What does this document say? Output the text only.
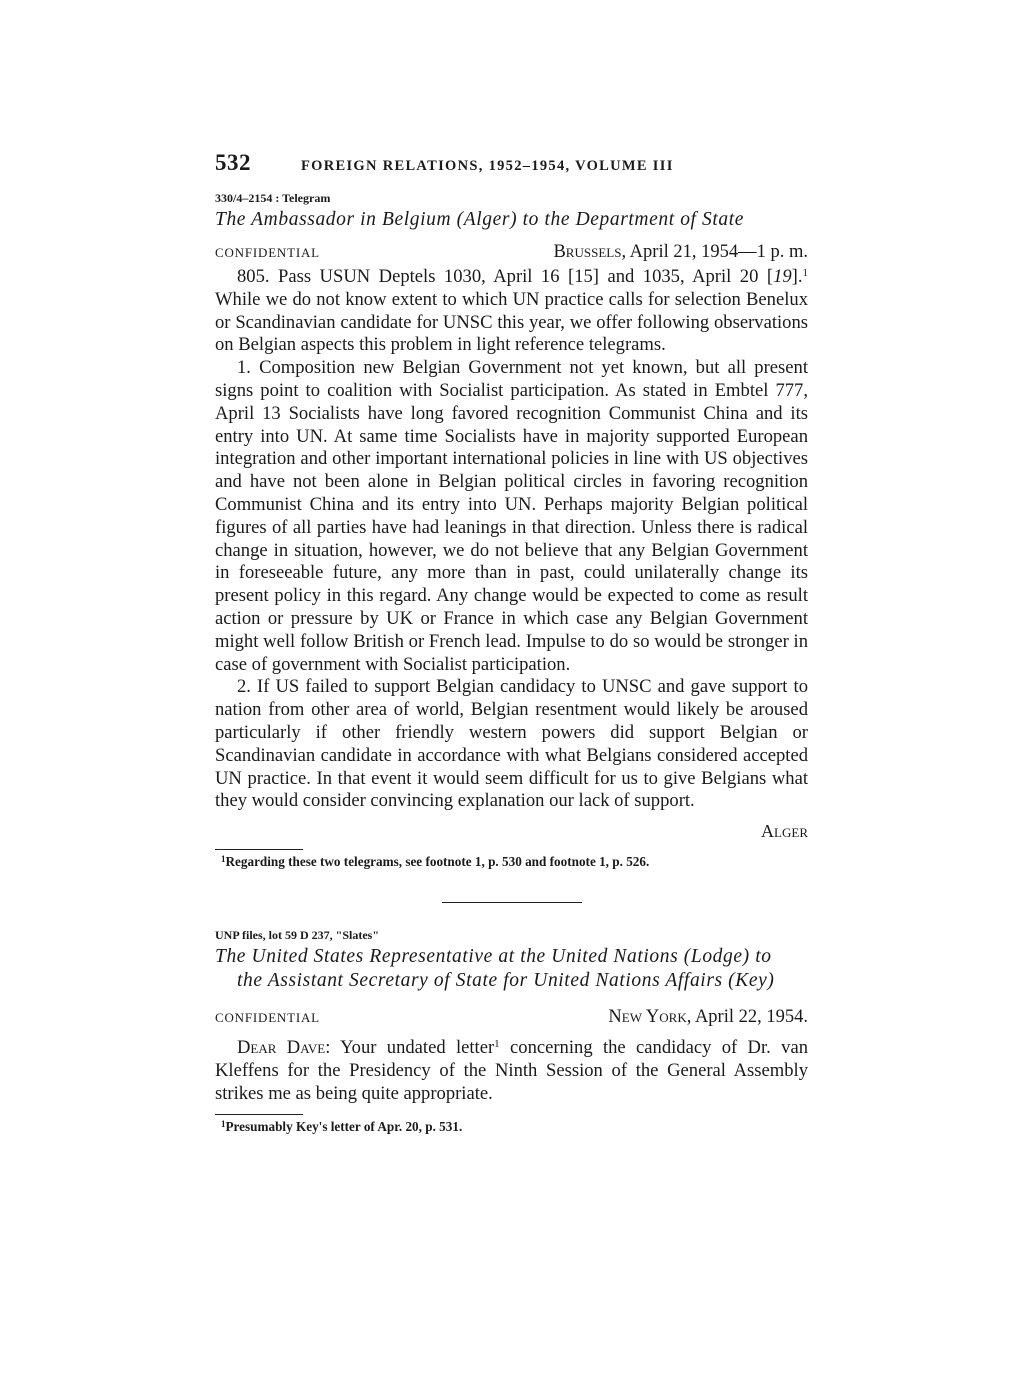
532	FOREIGN RELATIONS, 1952–1954, VOLUME III
330/4–2154 : Telegram
The Ambassador in Belgium (Alger) to the Department of State
CONFIDENTIAL	Brussels, April 21, 1954—1 p. m.

805. Pass USUN Deptels 1030, April 16 [15] and 1035, April 20 [19].$^1$ While we do not know extent to which UN practice calls for selection Benelux or Scandinavian candidate for UNSC this year, we offer following observations on Belgian aspects this problem in light reference telegrams.

1. Composition new Belgian Government not yet known, but all present signs point to coalition with Socialist participation. As stated in Embtel 777, April 13 Socialists have long favored recognition Communist China and its entry into UN. At same time Socialists have in majority supported European integration and other important international policies in line with US objectives and have not been alone in Belgian political circles in favoring recognition Communist China and its entry into UN. Perhaps majority Belgian political figures of all parties have had leanings in that direction. Unless there is radical change in situation, however, we do not believe that any Belgian Government in foreseeable future, any more than in past, could unilaterally change its present policy in this regard. Any change would be expected to come as result action or pressure by UK or France in which case any Belgian Government might well follow British or French lead. Impulse to do so would be stronger in case of government with Socialist participation.

2. If US failed to support Belgian candidacy to UNSC and gave support to nation from other area of world, Belgian resentment would likely be aroused particularly if other friendly western powers did support Belgian or Scandinavian candidate in accordance with what Belgians considered accepted UN practice. In that event it would seem difficult for us to give Belgians what they would consider convincing explanation our lack of support.

Alger
$^1$Regarding these two telegrams, see footnote 1, p. 530 and footnote 1, p. 526.
UNP files, lot 59 D 237, "Slates"
The United States Representative at the United Nations (Lodge) to
the Assistant Secretary of State for United Nations Affairs (Key)
CONFIDENTIAL	New York, April 22, 1954.

Dear Dave: Your undated letter$^1$ concerning the candidacy of Dr. van Kleffens for the Presidency of the Ninth Session of the General Assembly strikes me as being quite appropriate.

$^1$Presumably Key's letter of Apr. 20, p. 531.
